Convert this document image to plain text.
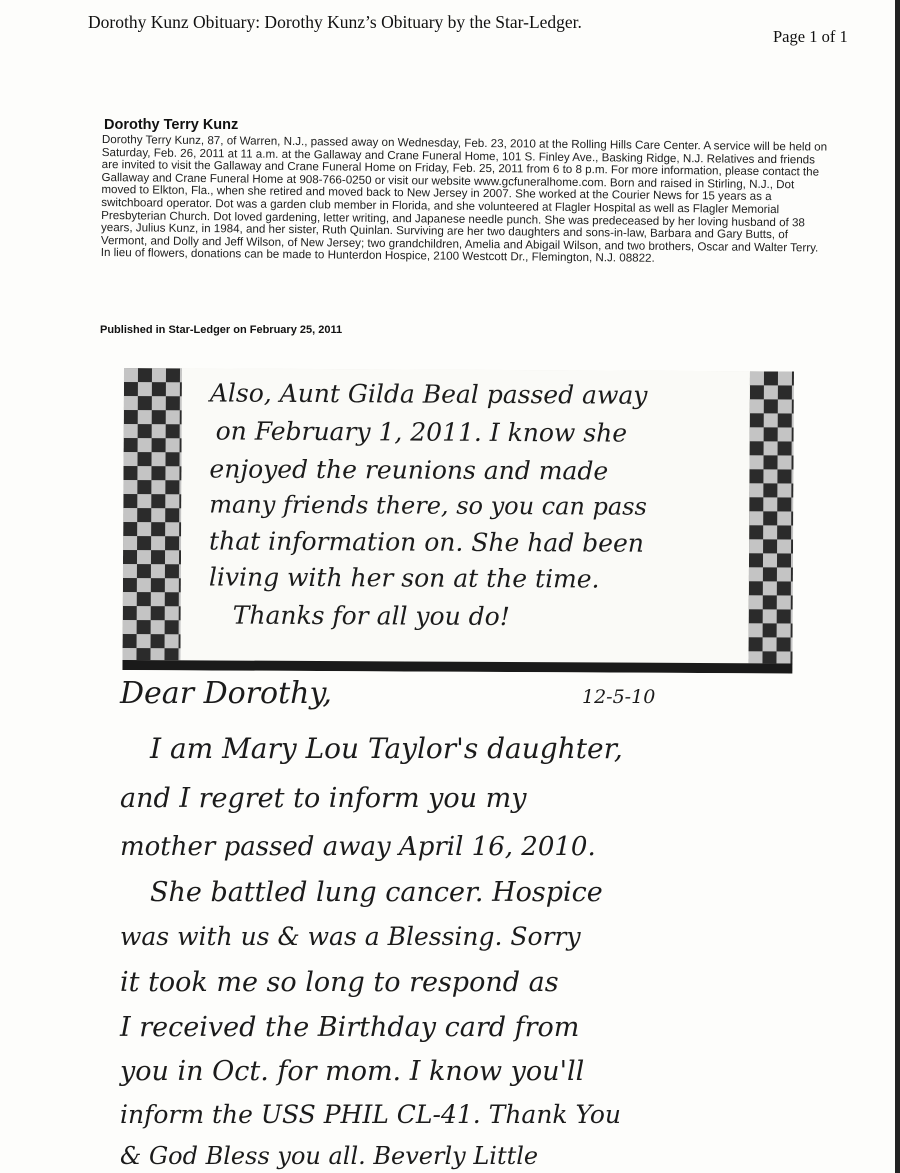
Dorothy Kunz Obituary: Dorothy Kunz’s Obituary by the Star-Ledger.
Page 1 of 1
Dorothy Terry Kunz

Dorothy Terry Kunz, 87, of Warren, N.J., passed away on Wednesday, Feb. 23, 2010 at the Rolling Hills Care Center. A service will be held on Saturday, Feb. 26, 2011 at 11 a.m. at the Gallaway and Crane Funeral Home, 101 S. Finley Ave., Basking Ridge, N.J. Relatives and friends are invited to visit the Gallaway and Crane Funeral Home on Friday, Feb. 25, 2011 from 6 to 8 p.m. For more information, please contact the Gallaway and Crane Funeral Home at 908-766-0250 or visit our website www.gcfuneralhome.com. Born and raised in Stirling, N.J., Dot moved to Elkton, Fla., when she retired and moved back to New Jersey in 2007. She worked at the Courier News for 15 years as a switchboard operator. Dot was a garden club member in Florida, and she volunteered at Flagler Hospital as well as Flagler Memorial Presbyterian Church. Dot loved gardening, letter writing, and Japanese needle punch. She was predeceased by her loving husband of 38 years, Julius Kunz, in 1984, and her sister, Ruth Quinlan. Surviving are her two daughters and sons-in-law, Barbara and Gary Butts, of Vermont, and Dolly and Jeff Wilson, of New Jersey; two grandchildren, Amelia and Abigail Wilson, and two brothers, Oscar and Walter Terry. In lieu of flowers, donations can be made to Hunterdon Hospice, 2100 Westcott Dr., Flemington, N.J. 08822.

Published in Star-Ledger on February 25, 2011
Also, Aunt Gilda Beal passed away
on February 1, 2011. I know she
enjoyed the reunions and made
many friends there, so you can pass
that information on. She had been
living with her son at the time.
Thanks for all you do!
Dear Dorothy,	12-5-10
I am Mary Lou Taylor's daughter,
and I regret to inform you my
mother passed away April 16, 2010.
She battled lung cancer. Hospice
was with us & was a Blessing. Sorry
it took me so long to respond as
I received the Birthday card from
you in Oct. for mom. I know you'll
inform the USS PHIL CL-41. Thank You
& God Bless you all. Beverly Little
